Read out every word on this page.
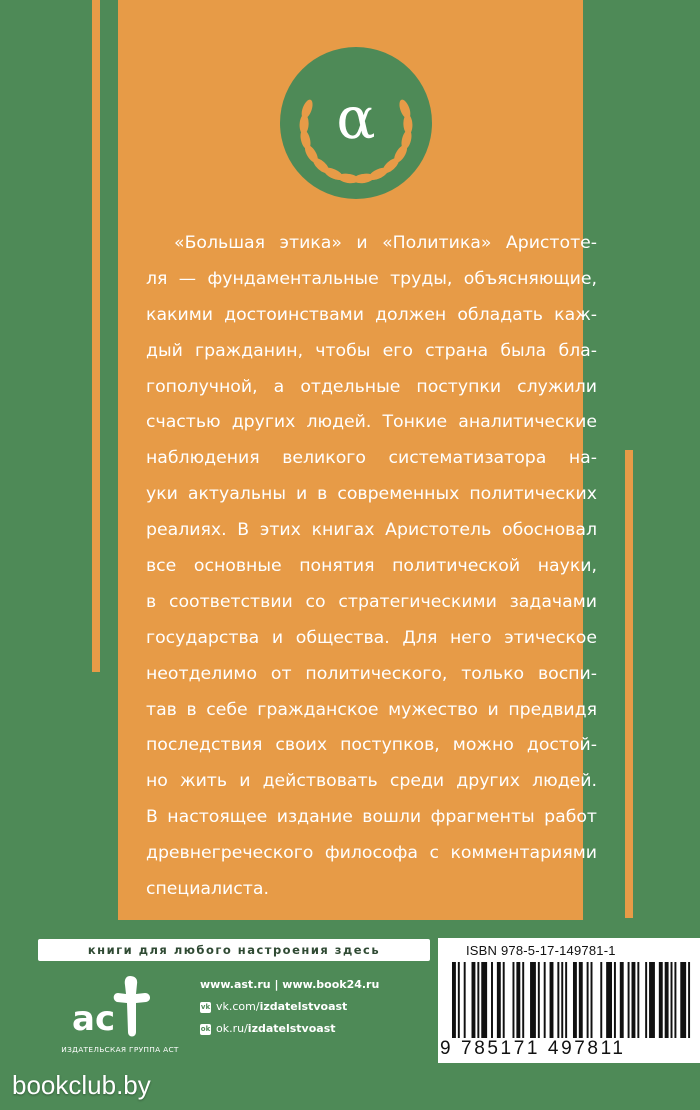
α
«Большая этика» и «Политика» Аристоте-
ля — фундаментальные труды, объясняющие,
какими достоинствами должен обладать каж-
дый гражданин, чтобы его страна была бла-
гополучной, а отдельные поступки служили
счастью других людей. Тонкие аналитические
наблюдения великого систематизатора на-
уки актуальны и в современных политических
реалиях. В этих книгах Аристотель обосновал
все основные понятия политической науки,
в соответствии со стратегическими задачами
государства и общества. Для него этическое
неотделимо от политического, только воспи-
тав в себе гражданское мужество и предвидя
последствия своих поступков, можно достой-
но жить и действовать среди других людей.
В настоящее издание вошли фрагменты работ
древнегреческого философа с комментариями
специалиста.
книги для любого настроения здесь
ас
ИЗДАТЕЛЬСКАЯ ГРУППА АСТ
www.ast.ru | www.book24.ru
vk vk.com/ izdatelstvoast
ok ok.ru/ izdatelstvoast
ISBN 978-5-17-149781-1
9 785171 497811
bookclub.by
